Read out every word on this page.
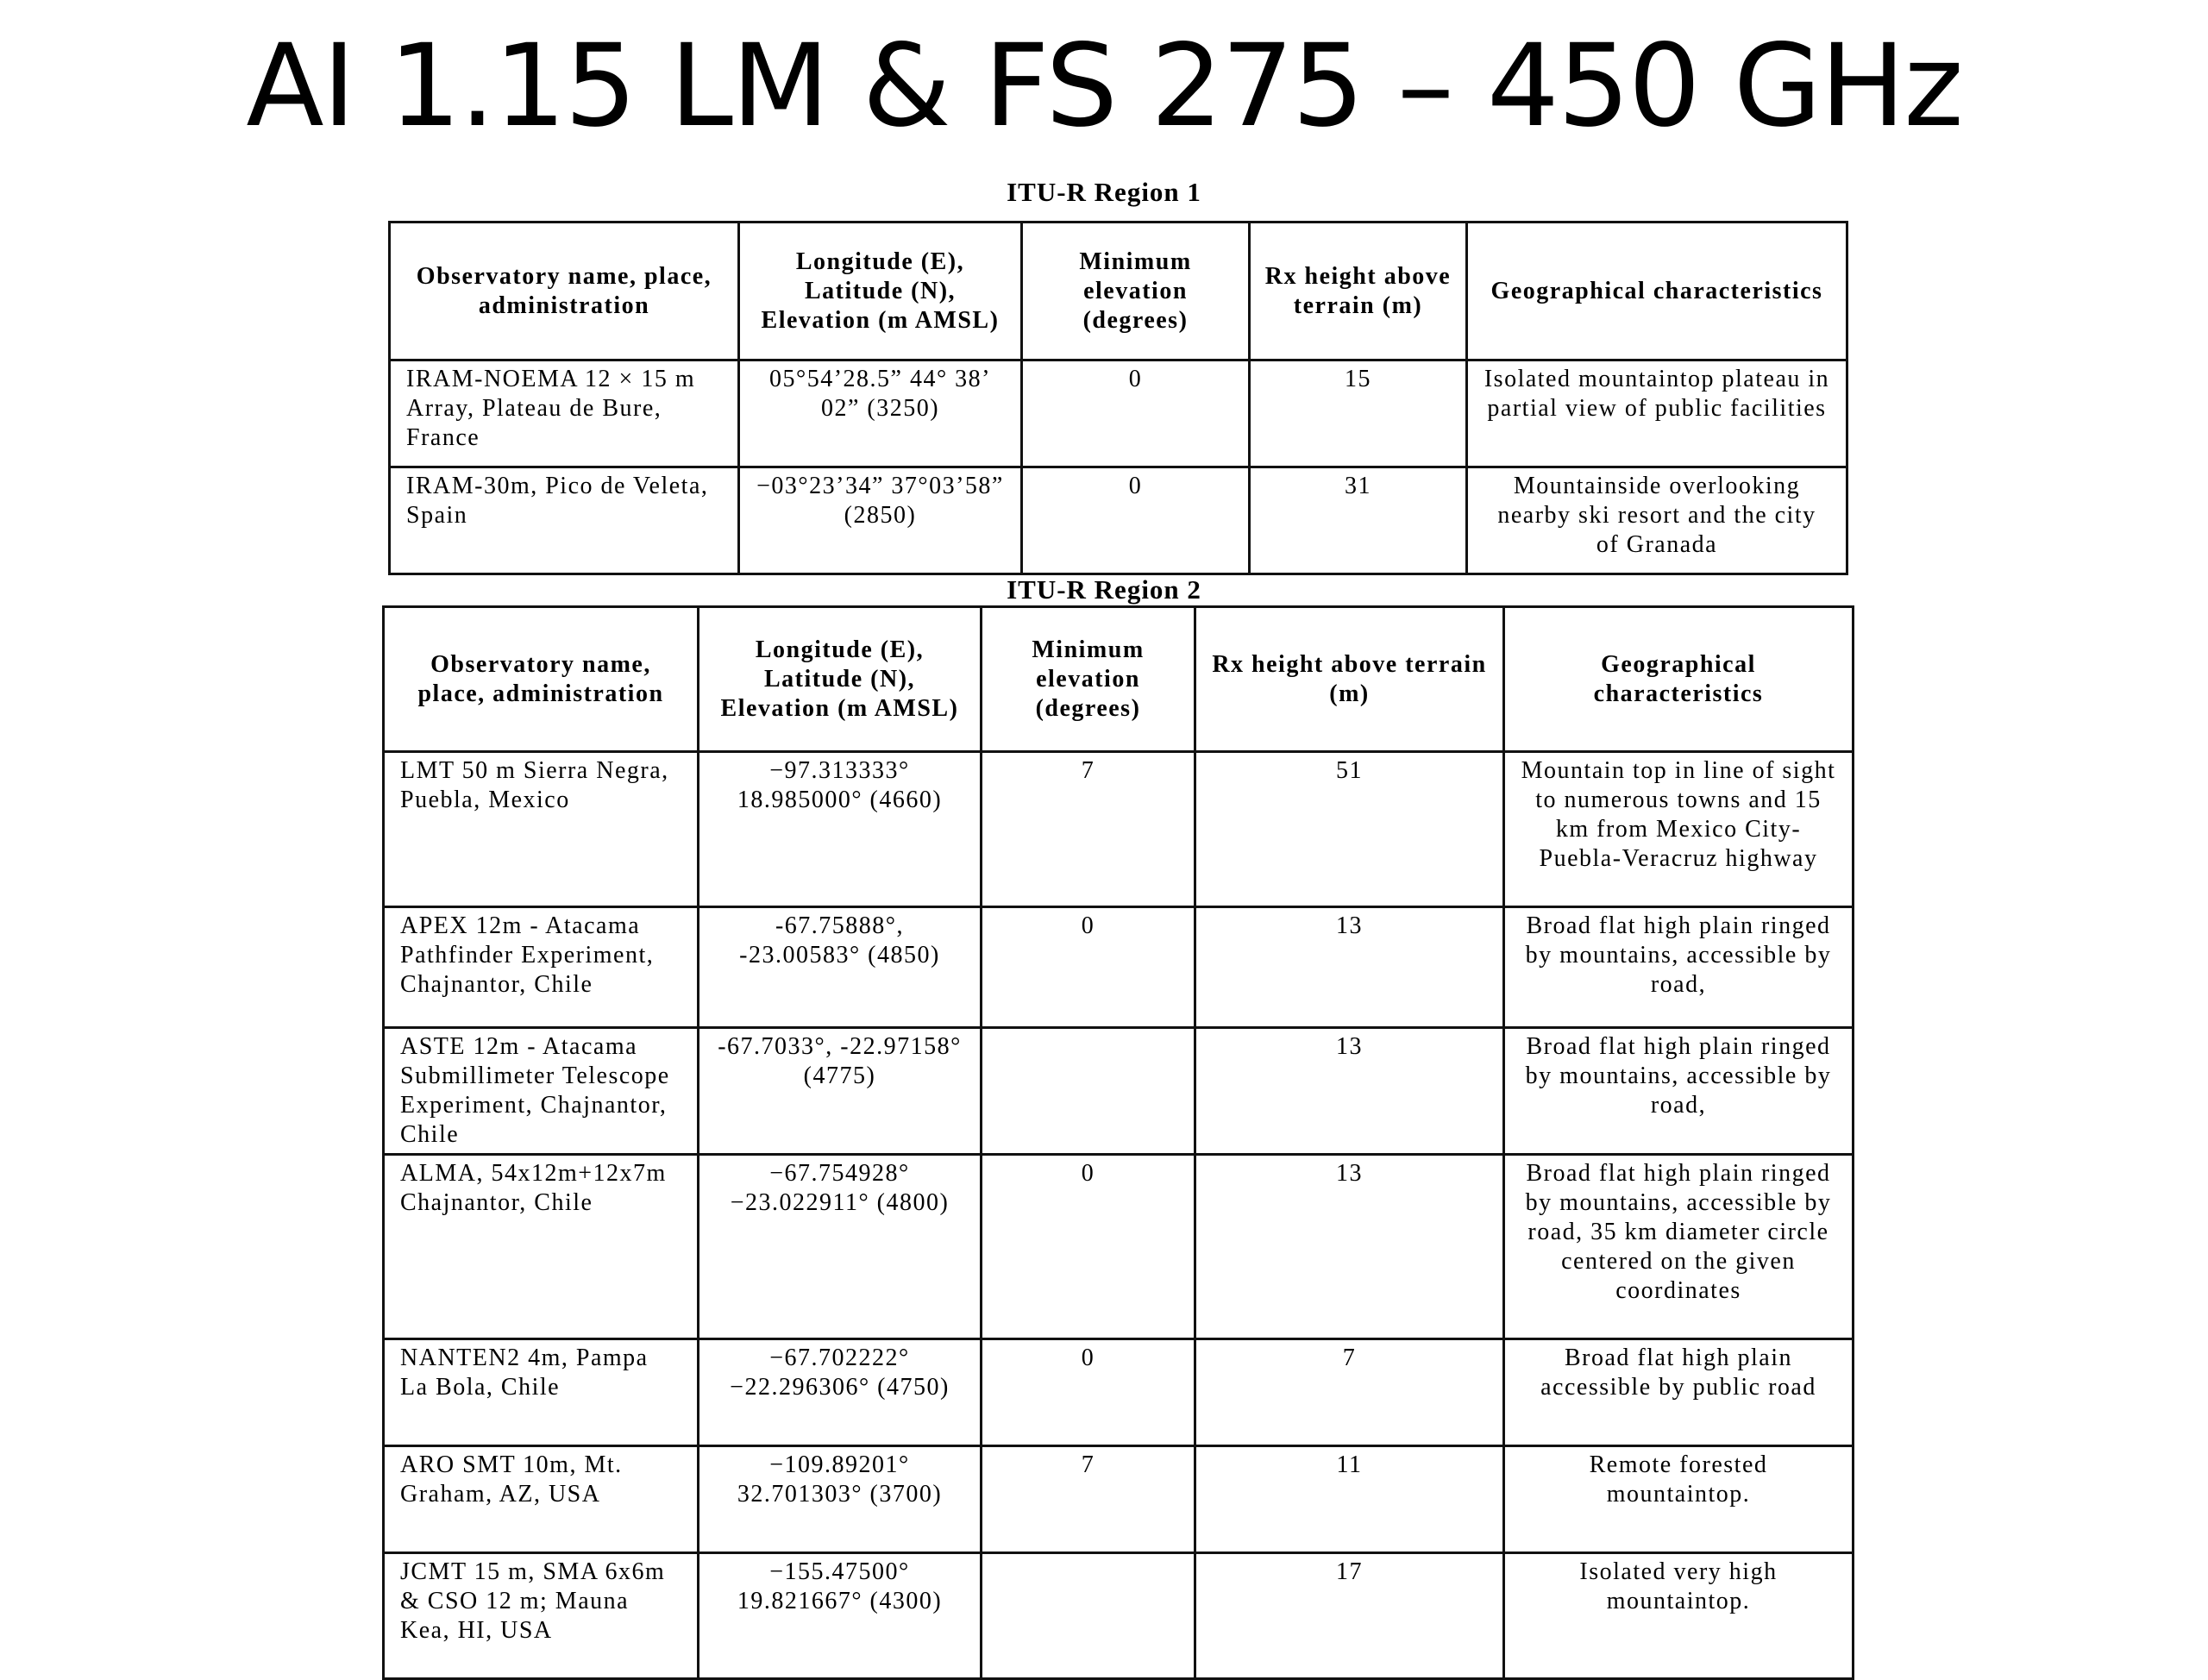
AI 1.15 LM & FS 275 – 450 GHz
ITU-R Region 1
Observatory name, place, administration	Longitude (E), Latitude (N), Elevation (m AMSL)	Minimum elevation (degrees)	Rx height above terrain (m)	Geographical characteristics
IRAM-NOEMA 12 × 15 m Array, Plateau de Bure, France	05°54’28.5” 44° 38’ 02” (3250)	0	15	Isolated mountaintop plateau in partial view of public facilities
IRAM-30m, Pico de Veleta, Spain	−03°23’34” 37°03’58” (2850)	0	31	Mountainside overlooking nearby ski resort and the city of Granada
ITU-R Region 2
Observatory name, place, administration	Longitude (E), Latitude (N), Elevation (m AMSL)	Minimum elevation (degrees)	Rx height above terrain (m)	Geographical characteristics
LMT 50 m Sierra Negra, Puebla, Mexico	−97.313333° 18.985000° (4660)	7	51	Mountain top in line of sight to numerous towns and 15 km from Mexico City-Puebla-Veracruz highway
APEX 12m - Atacama Pathfinder Experiment, Chajnantor, Chile	-67.75888°, -23.00583° (4850)	0	13	Broad flat high plain ringed by mountains, accessible by road,
ASTE 12m - Atacama Submillimeter Telescope Experiment, Chajnantor, Chile	-67.7033°, -22.97158° (4775)		13	Broad flat high plain ringed by mountains, accessible by road,
ALMA, 54x12m+12x7m Chajnantor, Chile	−67.754928° −23.022911° (4800)	0	13	Broad flat high plain ringed by mountains, accessible by road, 35 km diameter circle centered on the given coordinates
NANTEN2 4m, Pampa La Bola, Chile	−67.702222° −22.296306° (4750)	0	7	Broad flat high plain accessible by public road
ARO SMT 10m, Mt. Graham, AZ, USA	−109.89201° 32.701303° (3700)	7	11	Remote forested mountaintop.
JCMT 15 m, SMA 6x6m & CSO 12 m; Mauna Kea, HI, USA	−155.47500° 19.821667° (4300)		17	Isolated very high mountaintop.
